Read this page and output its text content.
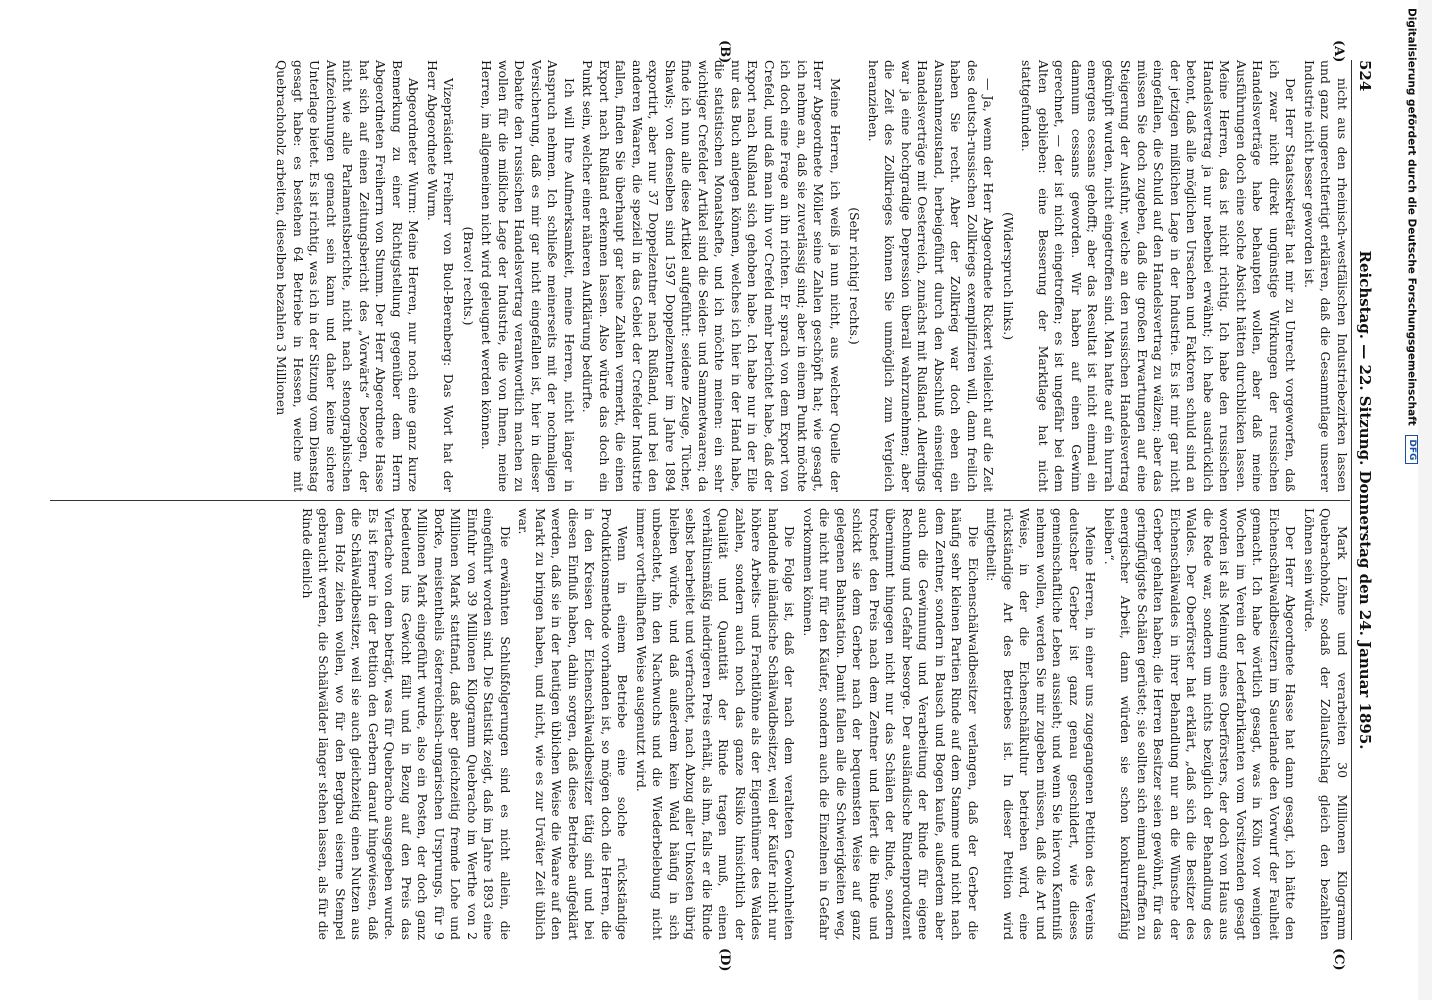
524
Reichstag. — 22. Sitzung. Donnerstag den 24. Januar 1895.
(A)
(B)
(C)
(D)

nicht aus den rheinisch-westfälischen Industriebezirken lassen und ganz ungerechtfertigt erklären, daß die Gesammtlage unserer Industrie nicht besser geworden ist.

Der Herr Staatssekretär hat mir zu Unrecht vorgeworfen, daß ich zwar nicht direkt ungünstige Wirkungen der russischen Handelsverträge habe behaupten wollen, aber daß meine Ausführungen doch eine solche Absicht hätten durchblicken lassen. Meine Herren, das ist nicht richtig. Ich habe den russischen Handelsvertrag ja nur nebenbei erwähnt; ich habe ausdrücklich betont, daß alle möglichen Ursachen und Faktoren schuld sind an der jetzigen mißlichen Lage in der Industrie. Es ist mir gar nicht eingefallen, die Schuld auf den Handelsvertrag zu wälzen; aber das müssen Sie doch zugeben, daß die großen Erwartungen auf eine Steigerung der Ausfuhr, welche an den russischen Handelsvertrag geknüpft wurden, nicht eingetroffen sind. Man hatte auf ein hurrah emergens cessans gehofft; aber das Resultat ist nicht einmal ein damnum cessans geworden. Wir haben auf einen Gewinn gerechnet, — der ist nicht eingetroffen; es ist ungefähr bei dem Alten geblieben: eine Besserung der Marktlage hat nicht stattgefunden.

(Widerspruch links.)

— Ja, wenn der Herr Abgeordnete Rickert vielleicht auf die Zeit des deutsch-russischen Zollkriegs exemplifiziren will, dann freilich haben Sie recht. Aber der Zollkrieg war doch eben ein Ausnahmezustand, herbeigeführt durch den Abschluß einseitiger Handelsverträge mit Oesterreich, zunächst mit Rußland. Allerdings war ja eine hochgradige Depression überall wahrzunehmen; aber die Zeit des Zollkrieges können Sie unmöglich zum Vergleich heranziehen.

(Sehr richtig! rechts.)

Meine Herren, ich weiß ja nun nicht, aus welcher Quelle der Herr Abgeordnete Möller seine Zahlen geschöpft hat; wie gesagt, ich nehme an, daß sie zuverlässig sind; aber in einem Punkt möchte ich doch eine Frage an ihn richten. Er sprach von dem Export von Crefeld, und daß man ihn vor Crefeld mehr berichtet habe, daß der Export nach Rußland sich gehoben habe. Ich habe nur in der Eile nur das Buch anlegen können, welches ich hier in der Hand habe, die statistischen Monatshefte, und ich möchte meinen: ein sehr wichtiger Crefelder Artikel sind die Seiden- und Sammetwaaren; da finde ich nun alle diese Artikel aufgeführt: seidene Zeuge, Tücher, Shawls; von denselben sind 1597 Doppelzentner im Jahre 1894 exportirt, aber nur 37 Doppelzentner nach Rußland, und bei den anderen Waaren, die speziell in das Gebiet der Crefelder Industrie fallen, finden Sie überhaupt gar keine Zahlen vermerkt, die einen Export nach Rußland erkennen lassen. Also würde das doch ein Punkt sein, welcher einer näheren Aufklärung bedürfte.

Ich will Ihre Aufmerksamkeit, meine Herren, nicht länger in Anspruch nehmen. Ich schließe meinerseits mit der nochmaligen Versicherung, daß es mir gar nicht eingefallen ist, hier in dieser Debatte den russischen Handelsvertrag verantwortlich machen zu wollen für die mißliche Lage der Industrie, die von Ihnen, meine Herren, im allgemeinen nicht wird geleugnet werden können.

(Bravo! rechts.)

Vizepräsident Freiherr von Buol-Berenberg: Das Wort hat der Herr Abgeordnete Wurm.

Abgeordneter Wurm: Meine Herren, nur noch eine ganz kurze Bemerkung zu einer Richtigstellung gegenüber dem Herrn Abgeordneten Freiherrn von Stumm. Der Herr Abgeordnete Hasse hat sich auf einen Zeitungsbericht des „Vorwärts“ bezogen, der nicht wie alle Parlamentsberichte, nicht nach stenographischen Aufzeichnungen gemacht sein kann und daher keine sichere Unterlage bietet. Es ist richtig, was ich in der Sitzung vom Dienstag gesagt habe: es bestehen 64 Betriebe in Hessen, welche mit Quebrachoholz arbeiten, dieselben bezahlen 3 Millionen

Mark Löhne und verarbeiten 30 Millionen Kilogramm Quebrachoholz, sodaß der Zollaufschlag gleich den bezahlten Löhnen sein würde.

Der Herr Abgeordnete Hasse hat dann gesagt, ich hätte den Eichenschälwaldbesitzern im Sauerlande den Vorwurf der Faulheit gemacht. Ich habe wörtlich gesagt, was in Köln vor wenigen Wochen im Verein der Lederfabrikanten vom Vorsitzenden gesagt worden ist als Meinung eines Oberförsters, der doch von Haus aus die Rede war, sondern um nichts bezüglich der Behandlung des Waldes. Der Oberförster hat erklärt, „daß sich die Besitzer des Eichenschälwaldes in ihrer Behandlung nur an die Wünsche der Gerber gehalten haben; die Herren Besitzer seien gewöhnt, für das geringfügigste Schälen gerüstet; sie sollten sich einmal aufraffen zu energischer Arbeit, dann würden sie schon konkurrenzfähig bleiben“.

Meine Herren, in einer uns zugegangenen Petition des Vereins deutscher Gerber ist ganz genau geschildert, wie dieses gemeinschaftliche Leben aussieht; und wenn Sie hiervon Kenntniß nehmen wollen, werden Sie mir zugeben müssen, daß die Art und Weise, in der die Eichenschälkultur betrieben wird, eine rückständige Art des Betriebes ist. In dieser Petition wird mitgetheilt:

Die Eichenschälwaldbesitzer verlangen, daß der Gerber die häufig sehr kleinen Partien Rinde auf dem Stamme und nicht nach dem Zentner, sondern in Bausch und Bogen kaufe, außerdem aber auch die Gewinnung und Verarbeitung der Rinde für eigene Rechnung und Gefahr besorge. Der ausländische Rindenproduzent übernimmt hingegen nicht nur das Schälen der Rinde, sondern trocknet den Preis nach dem Zentner und liefert die Rinde und schickt sie dem Gerber nach der bequemsten Weise auf ganz gelegenen Bahnstation. Damit fallen alle die Schwierigkeiten weg, die nicht nur für den Käufer, sondern auch die Einzelnen in Gefahr vorkommen können.

Die Folge ist, daß der nach dem veralteten Gewohnheiten handelnde inländische Schälwaldbesitzer, weil der Käufer nicht nur höhere Arbeits- und Frachtlöhne als der Eigenthümer des Waldes zahlen, sondern auch noch das ganze Risiko hinsichtlich der Qualität und Quantität der Rinde tragen muß, einen verhältnismäßig niedrigeren Preis erhält, als ihm, falls er die Rinde selbst bearbeitet und verfrachtet, nach Abzug aller Unkosten übrig bleiben würde, und daß außerdem kein Wald häufig in sich unbeachtet, ihn den Nachwuchs und die Wiederbelebung nicht immer vortheilhaften Weise ausgenutzt wird.

Wenn in einem Betriebe eine solche rückständige Produktionsmethode vorhanden ist, so mögen doch die Herren, die in den Kreisen der Eichenschälwaldbesitzer tätig sind und bei diesen Einfluß haben, dahin sorgen, daß diese Betriebe aufgeklärt werden, daß sie in der heutigen üblichen Weise die Waare auf den Markt zu bringen haben, und nicht, wie es zur Urväter Zeit üblich war.

Die erwähnten Schlußfolgerungen sind es nicht allein, die eingeführt worden sind. Die Statistik zeigt, daß im Jahre 1893 eine Einfuhr von 39 Millionen Kilogramm Quebracho im Werthe von 2 Millionen Mark stattfand, daß aber gleichzeitig fremde Lohe und Borke, meistentheils österreichisch-ungarischen Ursprungs, für 9 Millionen Mark eingeführt wurde, also ein Posten, der doch ganz bedeutend ins Gewicht fällt und in Bezug auf den Preis das Viertache von dem beträgt, was für Quebracho ausgegeben wurde. Es ist ferner in der Petition den Gerbern darauf hingewiesen, daß die Schälwaldbesitzer, weil sie auch gleichzeitig einen Nutzen aus dem Holz ziehen wollen, wo für den Bergbau eiserne Stempel gebraucht werden, die Schälwälder länger stehen lassen, als für die Rinde dienlich

Digitalisierung gefördert durch die Deutsche Forschungsgemeinschaft DFG
